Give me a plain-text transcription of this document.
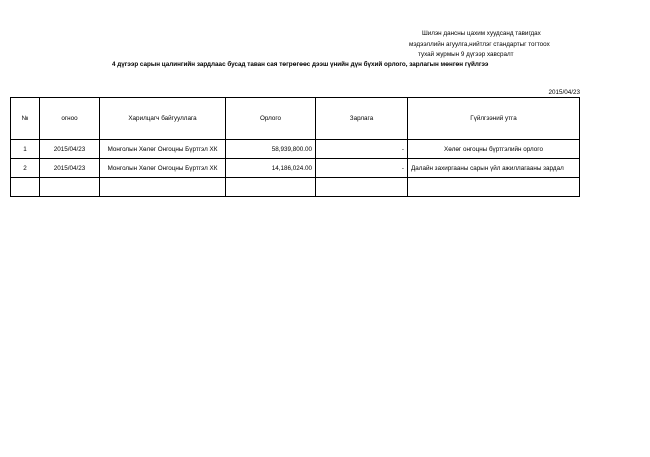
Шилэн дансны цахим хуудсанд тавигдах
мэдээллийн агуулга,нийтлэг стандартыг тогтоох
тухай журмын 9 дүгээр хавсралт
4 дүгээр сарын цалингийн зардлаас бусад таван сая төгрөгөөс дээш үнийн дүн бүхий орлого, зарлагын мөнгөн гүйлгээ
2015/04/23
№	огноо	Харилцагч байгууллага	Орлого	Зарлага	Гүйлгээний утга
1	2015/04/23	Монголын Хөлөг Онгоцны Бүртгэл ХК	58,939,800.00	-	Хөлөг онгоцны бүртгэлийн орлого
2	2015/04/23	Монголын Хөлөг Онгоцны Бүртгэл ХК	14,186,024.00	-	Далайн захиргааны сарын үйл ажиллагааны зардал
